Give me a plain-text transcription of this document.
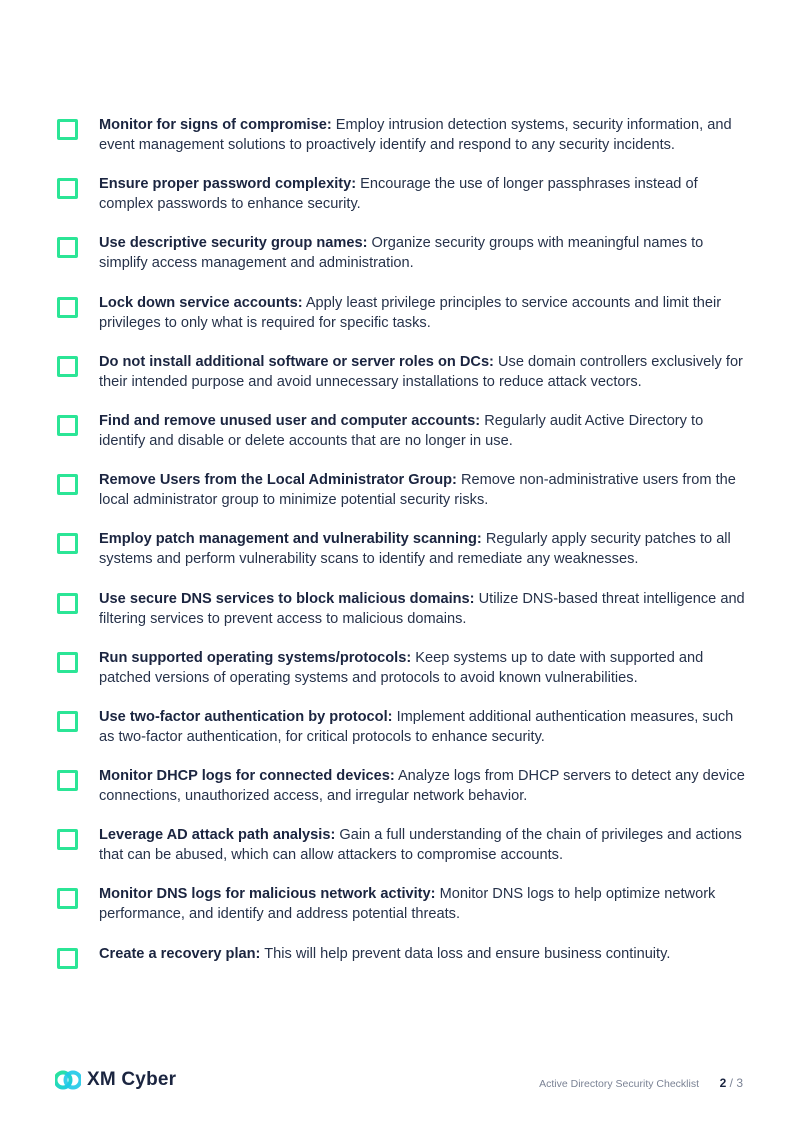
Monitor for signs of compromise: Employ intrusion detection systems, security information, and event management solutions to proactively identify and respond to any security incidents.
Ensure proper password complexity: Encourage the use of longer passphrases instead of complex passwords to enhance security.
Use descriptive security group names: Organize security groups with meaningful names to simplify access management and administration.
Lock down service accounts: Apply least privilege principles to service accounts and limit their privileges to only what is required for specific tasks.
Do not install additional software or server roles on DCs: Use domain controllers exclusively for their intended purpose and avoid unnecessary installations to reduce attack vectors.
Find and remove unused user and computer accounts: Regularly audit Active Directory to identify and disable or delete accounts that are no longer in use.
Remove Users from the Local Administrator Group: Remove non-administrative users from the local administrator group to minimize potential security risks.
Employ patch management and vulnerability scanning: Regularly apply security patches to all systems and perform vulnerability scans to identify and remediate any weaknesses.
Use secure DNS services to block malicious domains: Utilize DNS-based threat intelligence and filtering services to prevent access to malicious domains.
Run supported operating systems/protocols: Keep systems up to date with supported and patched versions of operating systems and protocols to avoid known vulnerabilities.
Use two-factor authentication by protocol: Implement additional authentication measures, such as two-factor authentication, for critical protocols to enhance security.
Monitor DHCP logs for connected devices: Analyze logs from DHCP servers to detect any device connections, unauthorized access, and irregular network behavior.
Leverage AD attack path analysis: Gain a full understanding of the chain of privileges and actions that can be abused, which can allow attackers to compromise accounts.
Monitor DNS logs for malicious network activity: Monitor DNS logs to help optimize network performance, and identify and address potential threats.
Create a recovery plan: This will help prevent data loss and ensure business continuity.
XM Cyber	Active Directory Security Checklist 2 / 3
